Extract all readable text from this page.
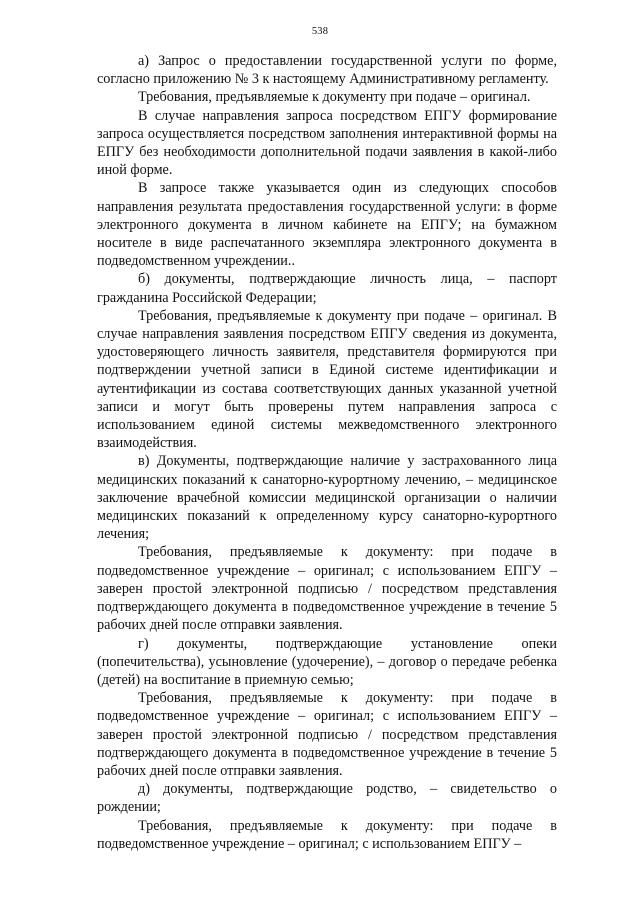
538

а) Запрос о предоставлении государственной услуги по форме, согласно приложению № 3 к настоящему Административному регламенту.

Требования, предъявляемые к документу при подаче – оригинал.

В случае направления запроса посредством ЕПГУ формирование запроса осуществляется посредством заполнения интерактивной формы на ЕПГУ без необходимости дополнительной подачи заявления в какой-либо иной форме.

В запросе также указывается один из следующих способов направления результата предоставления государственной услуги: в форме электронного документа в личном кабинете на ЕПГУ; на бумажном носителе в виде распечатанного экземпляра электронного документа в подведомственном учреждении..

б) документы, подтверждающие личность лица, – паспорт гражданина Российской Федерации;

Требования, предъявляемые к документу при подаче – оригинал. В случае направления заявления посредством ЕПГУ сведения из документа, удостоверяющего личность заявителя, представителя формируются при подтверждении учетной записи в Единой системе идентификации и аутентификации из состава соответствующих данных указанной учетной записи и могут быть проверены путем направления запроса с использованием единой системы межведомственного электронного взаимодействия.

в) Документы, подтверждающие наличие у застрахованного лица медицинских показаний к санаторно-курортному лечению, – медицинское заключение врачебной комиссии медицинской организации о наличии медицинских показаний к определенному курсу санаторно-курортного лечения;

Требования, предъявляемые к документу: при подаче в подведомственное учреждение – оригинал; с использованием ЕПГУ – заверен простой электронной подписью / посредством представления подтверждающего документа в подведомственное учреждение в течение 5 рабочих дней после отправки заявления.

г) документы, подтверждающие установление опеки (попечительства), усыновление (удочерение), – договор о передаче ребенка (детей) на воспитание в приемную семью;

Требования, предъявляемые к документу: при подаче в подведомственное учреждение – оригинал; с использованием ЕПГУ – заверен простой электронной подписью / посредством представления подтверждающего документа в подведомственное учреждение в течение 5 рабочих дней после отправки заявления.

д) документы, подтверждающие родство, – свидетельство о рождении;

Требования, предъявляемые к документу: при подаче в подведомственное учреждение – оригинал; с использованием ЕПГУ –
